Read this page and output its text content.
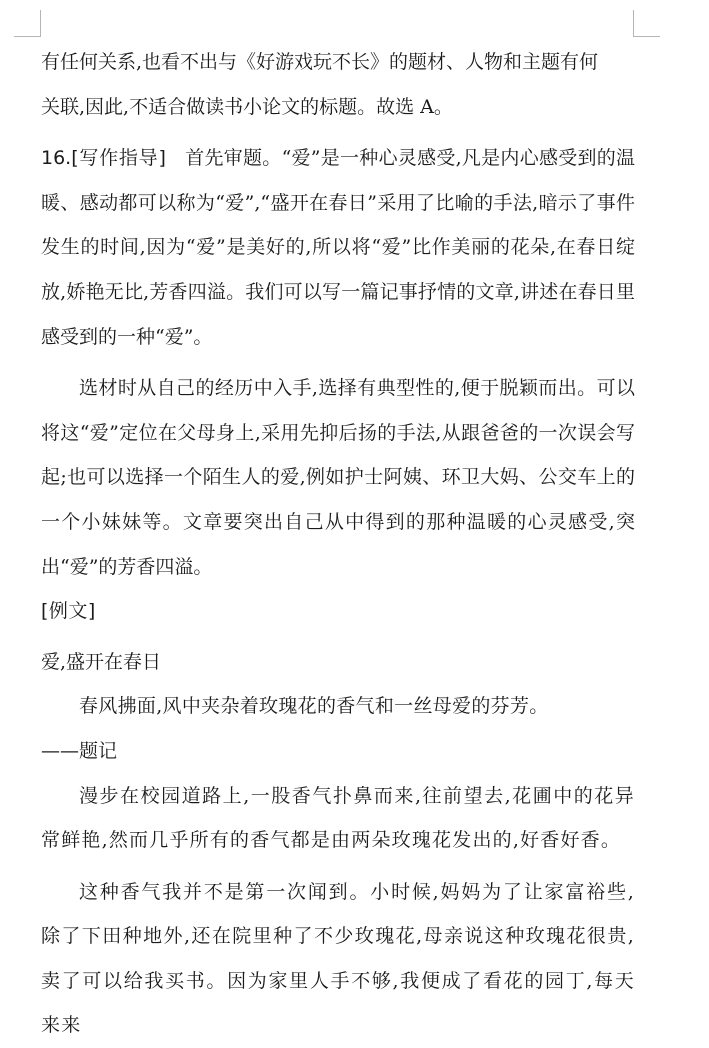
有任何关系,也看不出与《好游戏玩不长》的题材、人物和主题有何

关联,因此,不适合做读书小论文的标题。故选 A。

16.[写作指导] 首先审题。“爱”是一种心灵感受,凡是内心感受到的温暖、感动都可以称为“爱”,“盛开在春日”采用了比喻的手法,暗示了事件发生的时间,因为“爱”是美好的,所以将“爱”比作美丽的花朵,在春日绽放,娇艳无比,芳香四溢。我们可以写一篇记事抒情的文章,讲述在春日里感受到的一种“爱”。

选材时从自己的经历中入手,选择有典型性的,便于脱颖而出。可以将这“爱”定位在父母身上,采用先抑后扬的手法,从跟爸爸的一次误会写起;也可以选择一个陌生人的爱,例如护士阿姨、环卫大妈、公交车上的一个小妹妹等。文章要突出自己从中得到的那种温暖的心灵感受,突出“爱”的芳香四溢。

[例文]

爱,盛开在春日

春风拂面,风中夹杂着玫瑰花的香气和一丝母爱的芬芳。

——题记

漫步在校园道路上,一股香气扑鼻而来,往前望去,花圃中的花异常鲜艳,然而几乎所有的香气都是由两朵玫瑰花发出的,好香好香。

这种香气我并不是第一次闻到。小时候,妈妈为了让家富裕些,除了下田种地外,还在院里种了不少玫瑰花,母亲说这种玫瑰花很贵,卖了可以给我买书。因为家里人手不够,我便成了看花的园丁,每天来来
